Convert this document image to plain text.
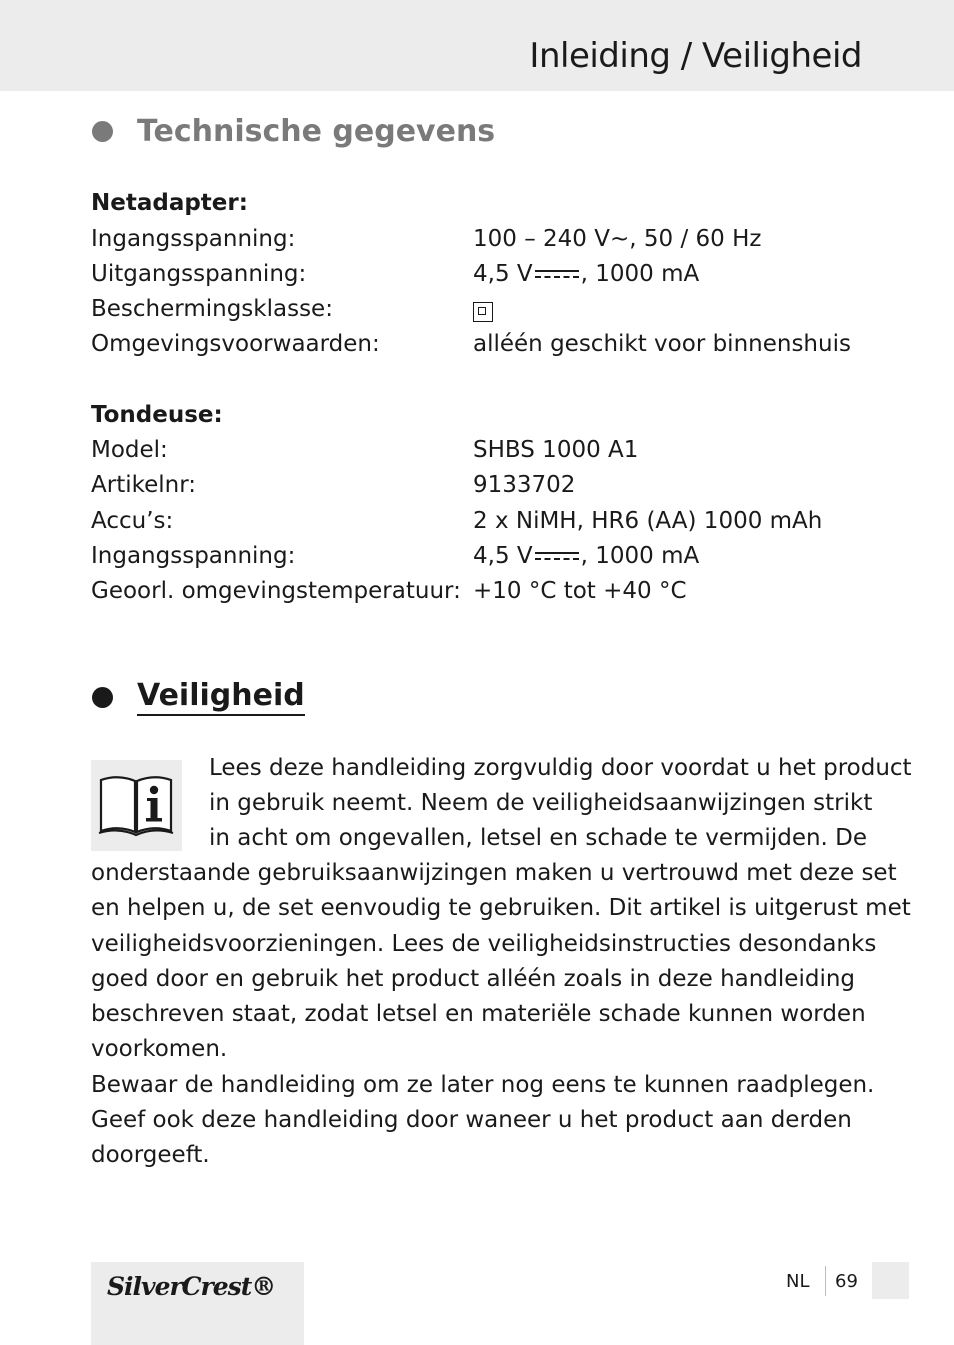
Inleiding / Veiligheid
Technische gegevens
Netadapter:
Ingangsspanning:	100 – 240 V~, 50 / 60 Hz
Uitgangsspanning:	4,5 V , 1000 mA
Beschermingsklasse:
Omgevingsvoorwaarden:	alléén geschikt voor binnenshuis
Tondeuse:
Model:	SHBS 1000 A1
Artikelnr:	9133702
Accu’s:	2 x NiMH, HR6 (AA) 1000 mAh
Ingangsspanning:	4,5 V , 1000 mA
Geoorl. omgevingstemperatuur: +10 °C tot +40 °C
Veiligheid
Lees deze handleiding zorgvuldig door voordat u het product
in gebruik neemt. Neem de veiligheidsaanwijzingen strikt
in acht om ongevallen, letsel en schade te vermijden. De
onderstaande gebruiksaanwijzingen maken u vertrouwd met deze set
en helpen u, de set eenvoudig te gebruiken. Dit artikel is uitgerust met
veiligheidsvoorzieningen. Lees de veiligheidsinstructies desondanks
goed door en gebruik het product alléén zoals in deze handleiding
beschreven staat, zodat letsel en materiële schade kunnen worden
voorkomen.
Bewaar de handleiding om ze later nog eens te kunnen raadplegen.
Geef ook deze handleiding door waneer u het product aan derden
doorgeeft.
SilverCrest®	NL 69
